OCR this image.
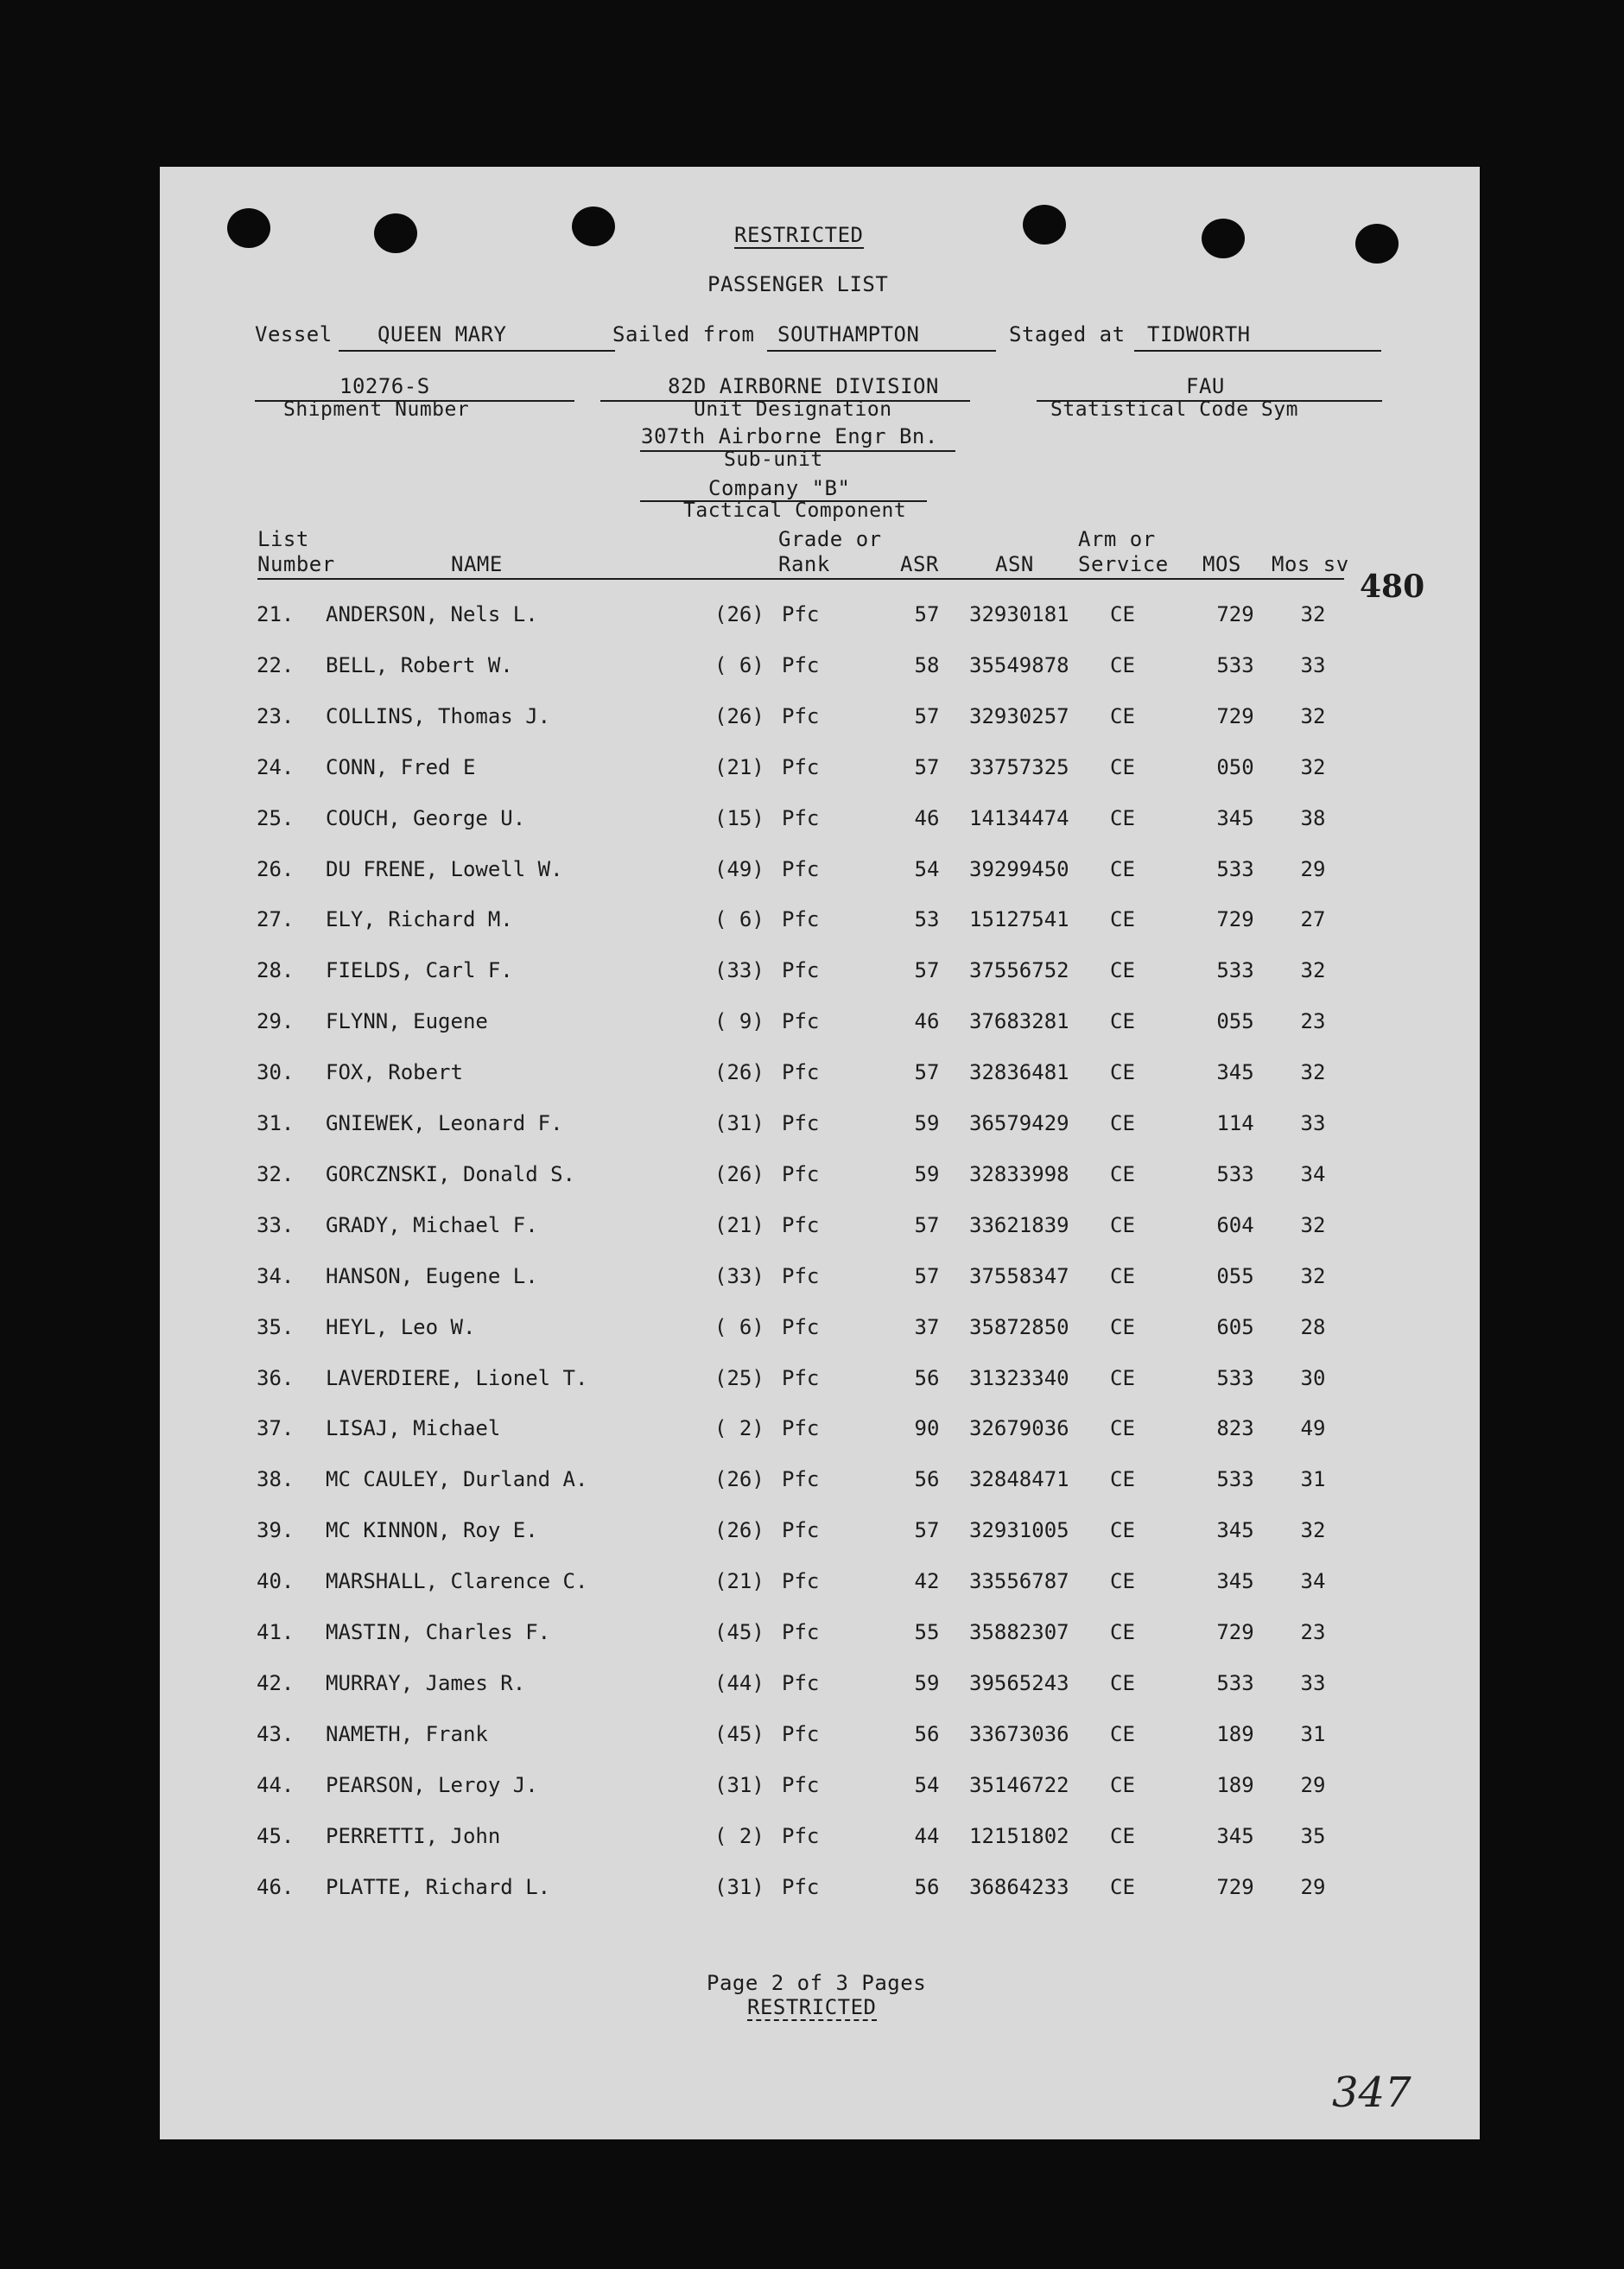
RESTRICTED
PASSENGER LIST
Vessel QUEEN MARY	Sailed from SOUTHAMPTON	Staged at TIDWORTH
10276-S
Shipment Number
82D AIRBORNE DIVISION
Unit Designation
FAU
Statistical Code Sym
307th Airborne Engr Bn.
Sub-unit
Company "B"
Tactical Component
List
Number	NAME
Grade or
Rank	ASR	ASN
Arm or
Service MOS Mos sv
480
21. ANDERSON, Nels L.	(26) Pfc	57	32930181 CE	729	32
22. BELL, Robert W.	( 6) Pfc	58	35549878 CE	533	33
23. COLLINS, Thomas J.	(26) Pfc	57	32930257 CE	729	32
24. CONN, Fred E	(21) Pfc	57	33757325 CE	050	32
25. COUCH, George U.	(15) Pfc	46	14134474 CE	345	38
26. DU FRENE, Lowell W.	(49) Pfc	54	39299450 CE	533	29
27. ELY, Richard M.	( 6) Pfc	53	15127541 CE	729	27
28. FIELDS, Carl F.	(33) Pfc	57	37556752 CE	533	32
29. FLYNN, Eugene	( 9) Pfc	46	37683281 CE	055	23
30. FOX, Robert	(26) Pfc	57	32836481 CE	345	32
31. GNIEWEK, Leonard F.	(31) Pfc	59	36579429 CE	114	33
32. GORCZNSKI, Donald S.	(26) Pfc	59	32833998 CE	533	34
33. GRADY, Michael F.	(21) Pfc	57	33621839 CE	604	32
34. HANSON, Eugene L.	(33) Pfc	57	37558347 CE	055	32
35. HEYL, Leo W.	( 6) Pfc	37	35872850 CE	605	28
36. LAVERDIERE, Lionel T.	(25) Pfc	56	31323340 CE	533	30
37. LISAJ, Michael	( 2) Pfc	90	32679036 CE	823	49
38. MC CAULEY, Durland A.	(26) Pfc	56	32848471 CE	533	31
39. MC KINNON, Roy E.	(26) Pfc	57	32931005 CE	345	32
40. MARSHALL, Clarence C.	(21) Pfc	42	33556787 CE	345	34
41. MASTIN, Charles F.	(45) Pfc	55	35882307 CE	729	23
42. MURRAY, James R.	(44) Pfc	59	39565243 CE	533	33
43. NAMETH, Frank	(45) Pfc	56	33673036 CE	189	31
44. PEARSON, Leroy J.	(31) Pfc	54	35146722 CE	189	29
45. PERRETTI, John	( 2) Pfc	44	12151802 CE	345	35
46. PLATTE, Richard L.	(31) Pfc	56	36864233 CE	729	29
Page 2 of 3 Pages
RESTRICTED
347
